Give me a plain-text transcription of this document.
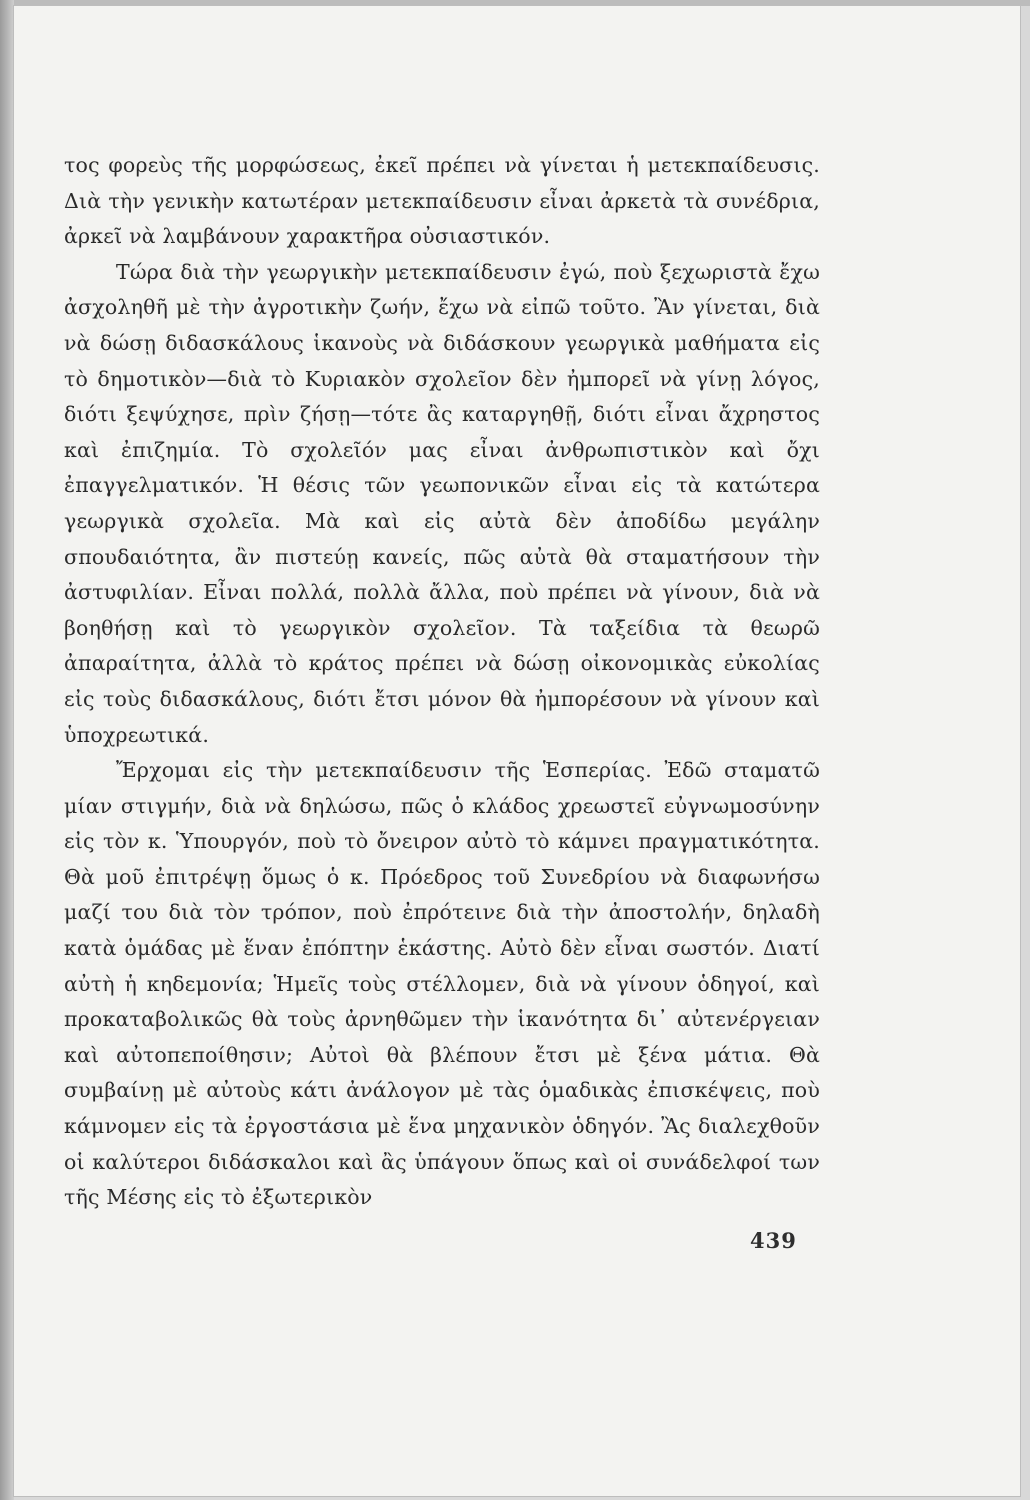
τος φορεὺς τῆς μορφώσεως, ἐκεῖ πρέπει νὰ γίνεται ἡ μετεκπαίδευσις. Διὰ τὴν γενικὴν κατωτέραν μετεκπαίδευσιν εἶναι ἀρκετὰ τὰ συνέδρια, ἀρκεῖ νὰ λαμβάνουν χαρακτῆρα οὐσιαστικόν.

Τώρα διὰ τὴν γεωργικὴν μετεκπαίδευσιν ἐγώ, ποὺ ξεχωριστὰ ἔχω ἀσχοληθῆ μὲ τὴν ἀγροτικὴν ζωήν, ἔχω νὰ εἰπῶ τοῦτο. Ἂν γίνεται, διὰ νὰ δώσῃ διδασκάλους ἱκανοὺς νὰ διδάσκουν γεωργικὰ μαθήματα εἰς τὸ δημοτικὸν—διὰ τὸ Κυριακὸν σχολεῖον δὲν ἠμπορεῖ νὰ γίνῃ λόγος, διότι ξεψύχησε, πρὶν ζήσῃ—τότε ἂς καταργηθῇ, διότι εἶναι ἄχρηστος καὶ ἐπιζημία. Τὸ σχολεῖόν μας εἶναι ἀνθρωπιστικὸν καὶ ὄχι ἐπαγγελματικόν. Ἡ θέσις τῶν γεωπονικῶν εἶναι εἰς τὰ κατώτερα γεωργικὰ σχολεῖα. Μὰ καὶ εἰς αὐτὰ δὲν ἀποδίδω μεγάλην σπουδαιότητα, ἂν πιστεύῃ κανείς, πῶς αὐτὰ θὰ σταματήσουν τὴν ἀστυφιλίαν. Εἶναι πολλά, πολλὰ ἄλλα, ποὺ πρέπει νὰ γίνουν, διὰ νὰ βοηθήσῃ καὶ τὸ γεωργικὸν σχολεῖον. Τὰ ταξείδια τὰ θεωρῶ ἀπαραίτητα, ἀλλὰ τὸ κράτος πρέπει νὰ δώσῃ οἰκονομικὰς εὐκολίας εἰς τοὺς διδασκάλους, διότι ἔτσι μόνον θὰ ἠμπορέσουν νὰ γίνουν καὶ ὑποχρεωτικά.

Ἔρχομαι εἰς τὴν μετεκπαίδευσιν τῆς Ἑσπερίας. Ἐδῶ σταματῶ μίαν στιγμήν, διὰ νὰ δηλώσω, πῶς ὁ κλάδος χρεωστεῖ εὐγνωμοσύνην εἰς τὸν κ. Ὑπουργόν, ποὺ τὸ ὄνειρον αὐτὸ τὸ κάμνει πραγματικότητα. Θὰ μοῦ ἐπιτρέψῃ ὅμως ὁ κ. Πρόεδρος τοῦ Συνεδρίου νὰ διαφωνήσω μαζί του διὰ τὸν τρόπον, ποὺ ἐπρότεινε διὰ τὴν ἀποστολήν, δηλαδὴ κατὰ ὁμάδας μὲ ἕναν ἐπόπτην ἑκάστης. Αὐτὸ δὲν εἶναι σωστόν. Διατί αὐτὴ ἡ κηδεμονία; Ἡμεῖς τοὺς στέλλομεν, διὰ νὰ γίνουν ὁδηγοί, καὶ προκαταβολικῶς θὰ τοὺς ἀρνηθῶμεν τὴν ἱκανότητα δι᾿ αὐτενέργειαν καὶ αὐτοπεποίθησιν; Αὐτοὶ θὰ βλέπουν ἔτσι μὲ ξένα μάτια. Θὰ συμβαίνῃ μὲ αὐτοὺς κάτι ἀνάλογον μὲ τὰς ὁμαδικὰς ἐπισκέψεις, ποὺ κάμνομεν εἰς τὰ ἐργοστάσια μὲ ἕνα μηχανικὸν ὁδηγόν. Ἂς διαλεχθοῦν οἱ καλύτεροι διδάσκαλοι καὶ ἂς ὑπάγουν ὅπως καὶ οἱ συνάδελφοί των τῆς Μέσης εἰς τὸ ἐξωτερικὸν

439
